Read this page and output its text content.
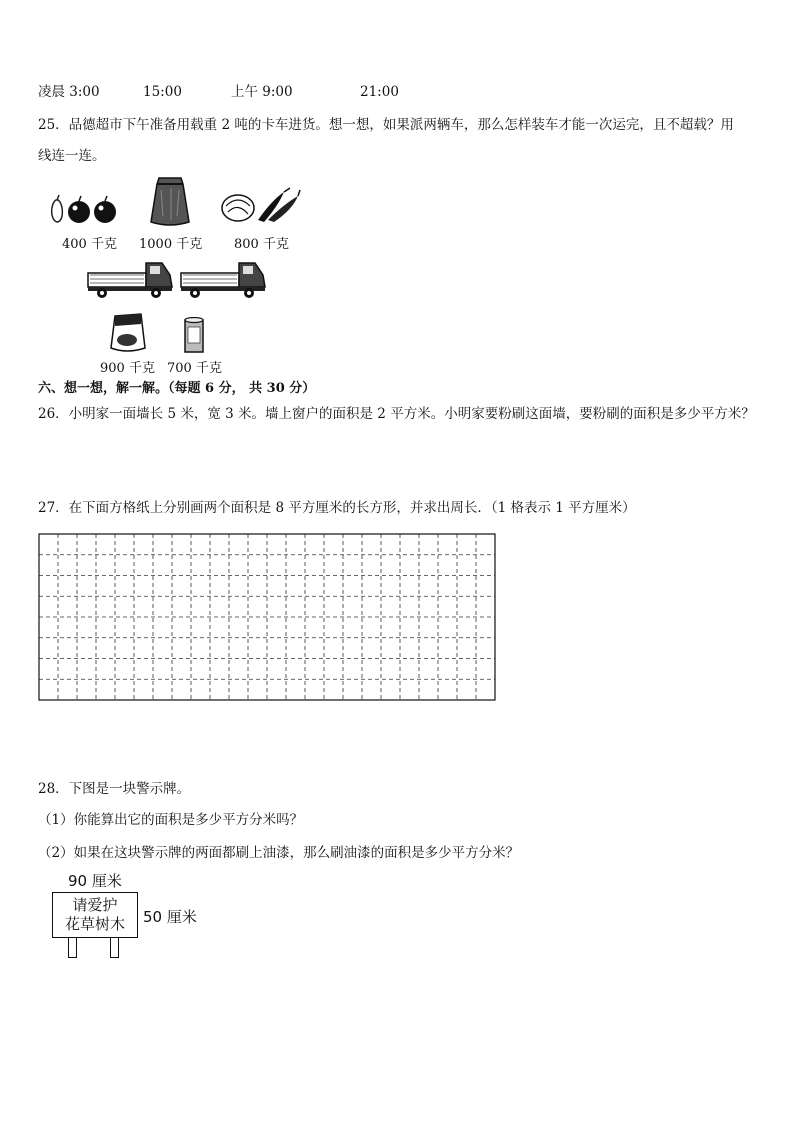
凌晨 3:00	15:00	上午 9:00	21:00
25．品德超市下午准备用载重 2 吨的卡车进货。想一想，如果派两辆车，那么怎样装车才能一次运完，且不超载？用
线连一连。
400 千克 1000 千克 800 千克
900 千克 700 千克
六、想一想，解一解。（每题 6 分， 共 30 分）
26．小明家一面墙长 5 米，宽 3 米。墙上窗户的面积是 2 平方米。小明家要粉刷这面墙，要粉刷的面积是多少平方米？
27．在下面方格纸上分别画两个面积是 8 平方厘米的长方形，并求出周长．（1 格表示 1 平方厘米）
28．下图是一块警示牌。
（1）你能算出它的面积是多少平方分米吗？
（2）如果在这块警示牌的两面都刷上油漆，那么刷油漆的面积是多少平方分米？
90 厘米
请爱护
花草树木	50 厘米
